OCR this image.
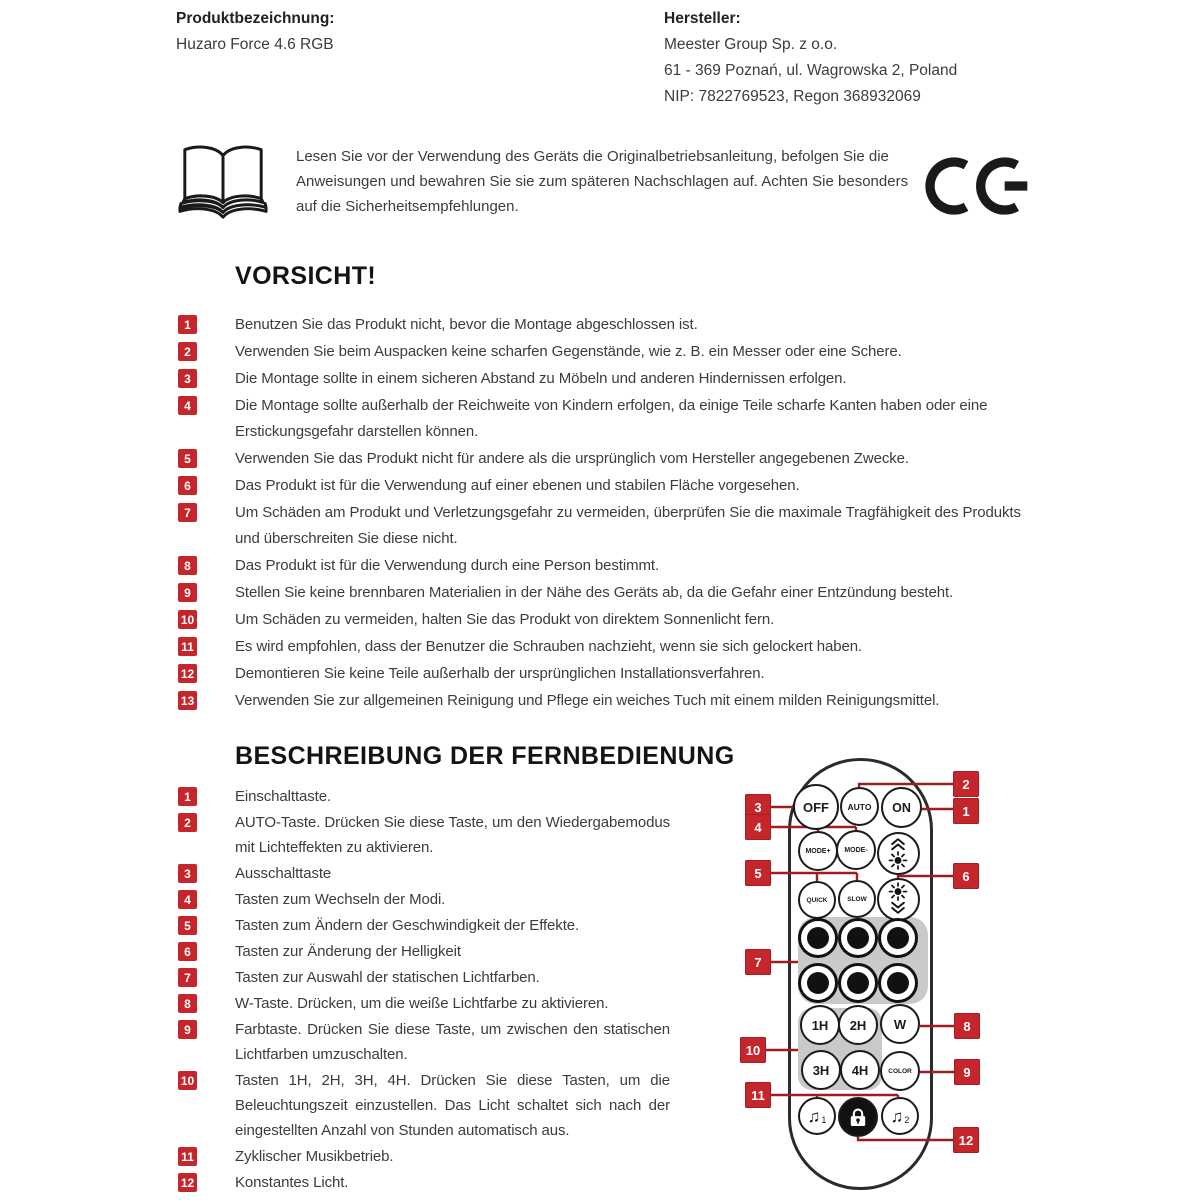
Produktbezeichnung:
Huzaro Force 4.6 RGB
Hersteller:
Meester Group Sp. z o.o.
61 - 369 Poznań, ul. Wagrowska 2, Poland
NIP: 7822769523, Regon 368932069
Lesen Sie vor der Verwendung des Geräts die Originalbetriebsanleitung, befolgen Sie die Anweisungen und bewahren Sie sie zum späteren Nachschlagen auf. Achten Sie besonders auf die Sicherheitsempfehlungen.
VORSICHT!
1	Benutzen Sie das Produkt nicht, bevor die Montage abgeschlossen ist.
2	Verwenden Sie beim Auspacken keine scharfen Gegenstände, wie z. B. ein Messer oder eine Schere.
3	Die Montage sollte in einem sicheren Abstand zu Möbeln und anderen Hindernissen erfolgen.
4	Die Montage sollte außerhalb der Reichweite von Kindern erfolgen, da einige Teile scharfe Kanten haben oder eine Erstickungsgefahr darstellen können.
5	Verwenden Sie das Produkt nicht für andere als die ursprünglich vom Hersteller angegebenen Zwecke.
6	Das Produkt ist für die Verwendung auf einer ebenen und stabilen Fläche vorgesehen.
7	Um Schäden am Produkt und Verletzungsgefahr zu vermeiden, überprüfen Sie die maximale Tragfähigkeit des Produkts und überschreiten Sie diese nicht.
8	Das Produkt ist für die Verwendung durch eine Person bestimmt.
9	Stellen Sie keine brennbaren Materialien in der Nähe des Geräts ab, da die Gefahr einer Entzündung besteht.
10	Um Schäden zu vermeiden, halten Sie das Produkt von direktem Sonnenlicht fern.
11	Es wird empfohlen, dass der Benutzer die Schrauben nachzieht, wenn sie sich gelockert haben.
12	Demontieren Sie keine Teile außerhalb der ursprünglichen Installationsverfahren.
13	Verwenden Sie zur allgemeinen Reinigung und Pflege ein weiches Tuch mit einem milden Reinigungsmittel.
BESCHREIBUNG DER FERNBEDIENUNG
1	Einschalttaste.
2	AUTO-Taste. Drücken Sie diese Taste, um den Wiedergabemodus mit Lichteffekten zu aktivieren.
3	Ausschalttaste
4	Tasten zum Wechseln der Modi.
5	Tasten zum Ändern der Geschwindigkeit der Effekte.
6	Tasten zur Änderung der Helligkeit
7	Tasten zur Auswahl der statischen Lichtfarben.
8	W-Taste. Drücken, um die weiße Lichtfarbe zu aktivieren.
9	Farbtaste. Drücken Sie diese Taste, um zwischen den statischen Lichtfarben umzuschalten.
10	Tasten 1H, 2H, 3H, 4H. Drücken Sie diese Tasten, um die Beleuchtungszeit einzustellen. Das Licht schaltet sich nach der eingestellten Anzahl von Stunden automatisch aus.
11	Zyklischer Musikbetrieb.
12	Konstantes Licht.
OFF	AUTO	ON
MODE+	MODE-
QUICK	SLOW
1H	2H	W
3H	4H	COLOR
♫ 1	♫ 2
1
2
3
4
5	6
7
8
9
10
11
12
